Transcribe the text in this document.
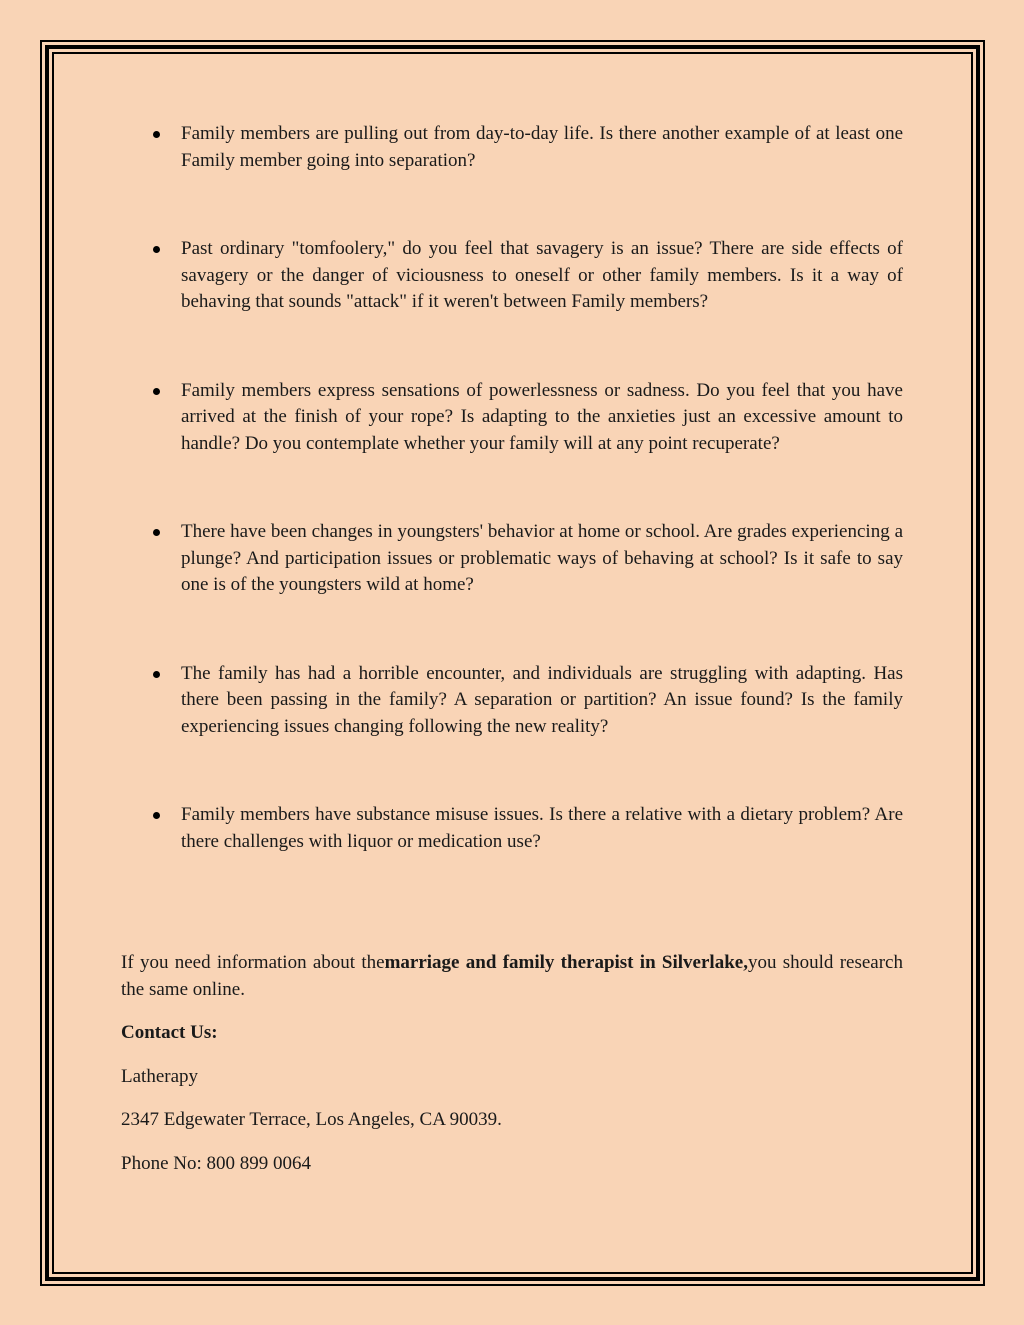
Family members are pulling out from day-to-day life. Is there another example of at least one Family member going into separation?
Past ordinary "tomfoolery," do you feel that savagery is an issue? There are side effects of savagery or the danger of viciousness to oneself or other family members. Is it a way of behaving that sounds "attack" if it weren't between Family members?
Family members express sensations of powerlessness or sadness. Do you feel that you have arrived at the finish of your rope? Is adapting to the anxieties just an excessive amount to handle? Do you contemplate whether your family will at any point recuperate?
There have been changes in youngsters' behavior at home or school. Are grades experiencing a plunge? And participation issues or problematic ways of behaving at school? Is it safe to say one is of the youngsters wild at home?
The family has had a horrible encounter, and individuals are struggling with adapting. Has there been passing in the family? A separation or partition? An issue found? Is the family experiencing issues changing following the new reality?
Family members have substance misuse issues. Is there a relative with a dietary problem? Are there challenges with liquor or medication use?

If you need information about themarriage and family therapist in Silverlake,you should research the same online.

Contact Us:

Latherapy

2347 Edgewater Terrace, Los Angeles, CA 90039.

Phone No: 800 899 0064
